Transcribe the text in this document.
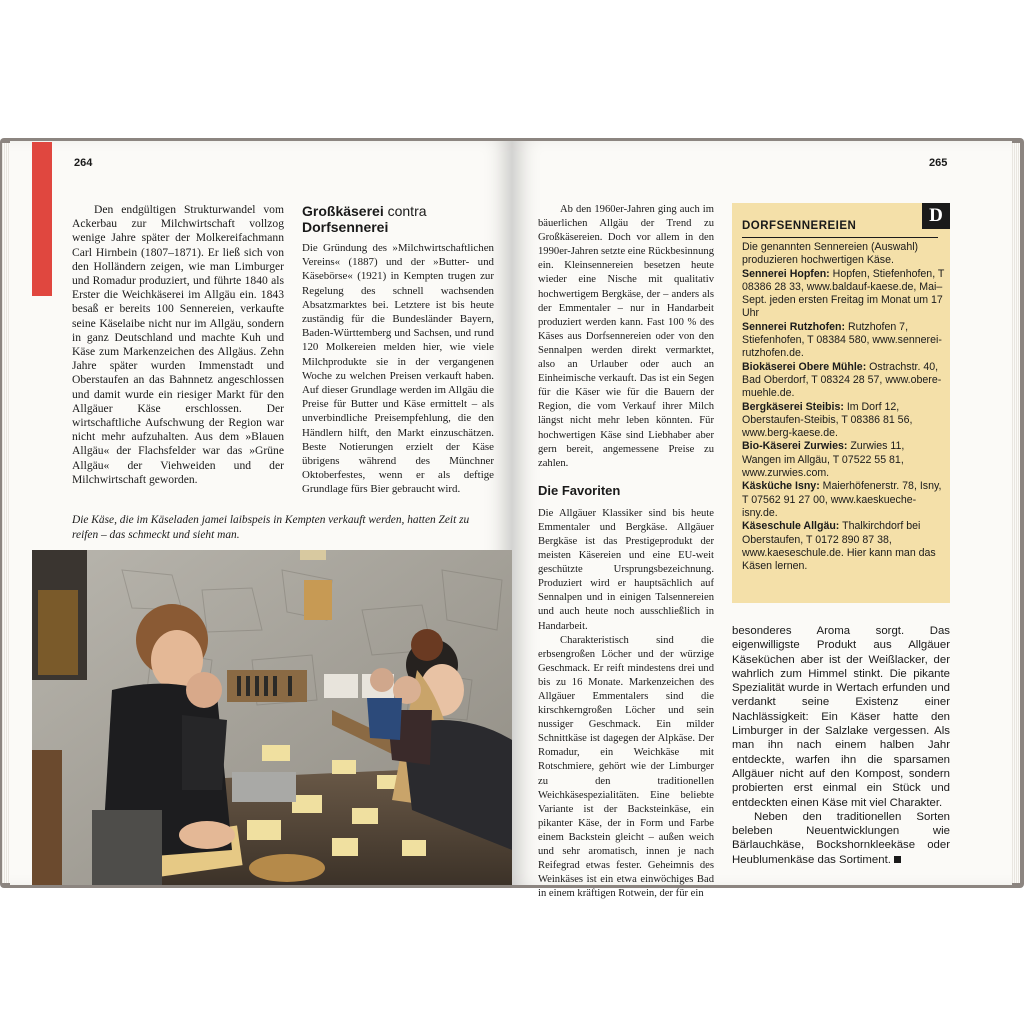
264	265

Den endgültigen Strukturwandel vom Ackerbau zur Milchwirtschaft vollzog wenige Jahre später der Molkereifachmann Carl Hirnbein (1807–1871). Er ließ sich von den Holländern zeigen, wie man Limburger und Romadur produziert, und führte 1840 als Erster die Weichkäserei im Allgäu ein. 1843 besaß er bereits 100 Sennereien, verkaufte seine Käselaibe nicht nur im Allgäu, sondern in ganz Deutschland und machte Kuh und Käse zum Markenzeichen des Allgäus. Zehn Jahre später wurden Immenstadt und Oberstaufen an das Bahnnetz angeschlossen und damit wurde ein riesiger Markt für den Allgäuer Käse erschlossen. Der wirtschaftliche Aufschwung der Region war nicht mehr aufzuhalten. Aus dem »Blauen Allgäu« der Flachsfelder war das »Grüne Allgäu« der Viehweiden und der Milchwirtschaft geworden.

Großkäserei contra
Dorfsennerei

Die Gründung des »Milchwirtschaftlichen Vereins« (1887) und der »Butter- und Käsebörse« (1921) in Kempten trugen zur Regelung des schnell wachsenden Absatzmarktes bei. Letztere ist bis heute zuständig für die Bundesländer Bayern, Baden-Württemberg und Sachsen, und rund 120 Molkereien melden hier, wie viele Milchprodukte sie in der vergangenen Woche zu welchen Preisen verkauft haben. Auf dieser Grundlage werden im Allgäu die Preise für Butter und Käse ermittelt – als unverbindliche Preisempfehlung, die den Händlern hilft, den Markt einzuschätzen. Beste Notierungen erzielt der Käse übrigens während des Münchner Oktoberfestes, wenn er als deftige Grundlage fürs Bier gebraucht wird.

Die Käse, die im Käseladen jamei laibspeis in Kempten verkauft werden, hatten Zeit zu reifen – das schmeckt und sieht man.

Ab den 1960er-Jahren ging auch im bäuerlichen Allgäu der Trend zu Großkäsereien. Doch vor allem in den 1990er-Jahren setzte eine Rückbesinnung ein. Kleinsennereien besetzen heute wieder eine Nische mit qualitativ hochwertigem Bergkäse, der – anders als der Emmentaler – nur in Handarbeit produziert werden kann. Fast 100 % des Käses aus Dorfsennereien oder von den Sennalpen werden direkt vermarktet, also an Urlauber oder auch an Einheimische verkauft. Das ist ein Segen für die Käser wie für die Bauern der Region, die vom Verkauf ihrer Milch längst nicht mehr leben könnten. Für hochwertigen Käse sind Liebhaber aber gern bereit, angemessene Preise zu zahlen.

Die Favoriten

Die Allgäuer Klassiker sind bis heute Emmentaler und Bergkäse. Allgäuer Bergkäse ist das Prestigeprodukt der meisten Käsereien und eine EU-weit geschützte Ursprungsbezeichnung. Produziert wird er hauptsächlich auf Sennalpen und in einigen Talsennereien und auch heute noch ausschließlich in Handarbeit.

Charakteristisch sind die erbsengroßen Löcher und der würzige Geschmack. Er reift mindestens drei und bis zu 16 Monate. Markenzeichen des Allgäuer Emmentalers sind die kirschkerngroßen Löcher und sein nussiger Geschmack. Ein milder Schnittkäse ist dagegen der Alpkäse. Der Romadur, ein Weichkäse mit Rotschmiere, gehört wie der Limburger zu den traditionellen Weichkäsespezialitäten. Eine beliebte Variante ist der Backsteinkäse, ein pikanter Käse, der in Form und Farbe einem Backstein gleicht – außen weich und sehr aromatisch, innen je nach Reifegrad etwas fester. Geheimnis des Weinkäses ist ein etwa einwöchiges Bad in einem kräftigen Rotwein, der für ein

D
DORFSENNEREIEN

Die genannten Sennereien (Auswahl) produzieren hochwertigen Käse.

Sennerei Hopfen: Hopfen, Stiefenhofen, T 08386 28 33, www.baldauf-kaese.de, Mai–Sept. jeden ersten Freitag im Monat um 17 Uhr

Sennerei Rutzhofen: Rutzhofen 7, Stiefenhofen, T 08384 580, www.sennerei-rutzhofen.de.

Biokäserei Obere Mühle: Ostrachstr. 40, Bad Oberdorf, T 08324 28 57, www.obere-muehle.de.

Bergkäserei Steibis: Im Dorf 12, Oberstaufen-Steibis, T 08386 81 56, www.berg-kaese.de.

Bio-Käserei Zurwies: Zurwies 11, Wangen im Allgäu, T 07522 55 81, www.zurwies.com.

Käsküche Isny: Maierhöfenerstr. 78, Isny, T 07562 91 27 00, www.kaeskueche-isny.de.

Käseschule Allgäu: Thalkirchdorf bei Oberstaufen, T 0172 890 87 38, www.kaeseschule.de. Hier kann man das Käsen lernen.

besonderes Aroma sorgt. Das eigenwilligste Produkt aus Allgäuer Käseküchen aber ist der Weißlacker, der wahrlich zum Himmel stinkt. Die pikante Spezialität wurde in Wertach erfunden und verdankt seine Existenz einer Nachlässigkeit: Ein Käser hatte den Limburger in der Salzlake vergessen. Als man ihn nach einem halben Jahr entdeckte, warfen ihn die sparsamen Allgäuer nicht auf den Kompost, sondern probierten erst einmal ein Stück und entdeckten einen Käse mit viel Charakter.

Neben den traditionellen Sorten beleben Neuentwicklungen wie Bärlauchkäse, Bockshornkleekäse oder Heublumenkäse das Sortiment.
